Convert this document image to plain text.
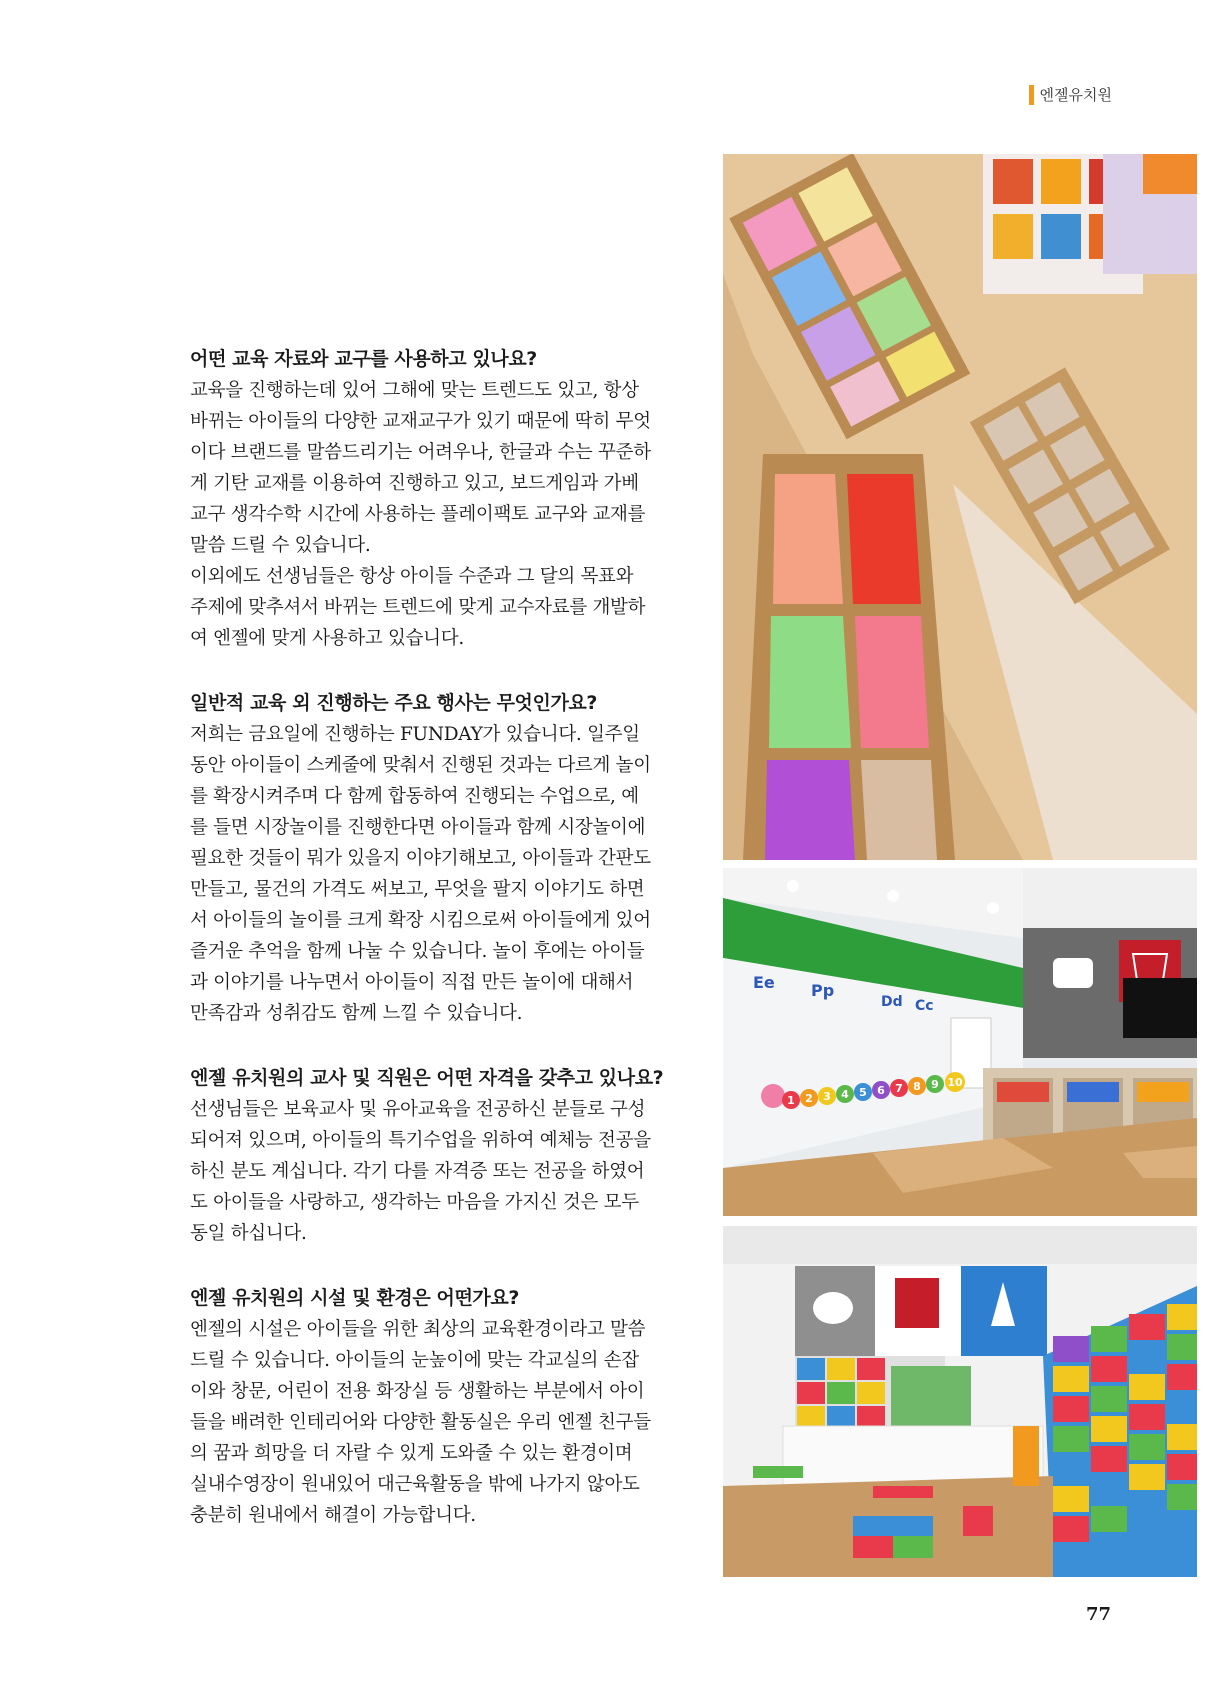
엔젤유치원
어떤 교육 자료와 교구를 사용하고 있나요?

교육을 진행하는데 있어 그해에 맞는 트렌드도 있고, 항상
바뀌는 아이들의 다양한 교재교구가 있기 때문에 딱히 무엇
이다 브랜드를 말씀드리기는 어려우나, 한글과 수는 꾸준하
게 기탄 교재를 이용하여 진행하고 있고, 보드게임과 가베
교구 생각수학 시간에 사용하는 플레이팩토 교구와 교재를
말씀 드릴 수 있습니다.
이외에도 선생님들은 항상 아이들 수준과 그 달의 목표와
주제에 맞추셔서 바뀌는 트렌드에 맞게 교수자료를 개발하
여 엔젤에 맞게 사용하고 있습니다.

일반적 교육 외 진행하는 주요 행사는 무엇인가요?

저희는 금요일에 진행하는 FUNDAY가 있습니다. 일주일
동안 아이들이 스케줄에 맞춰서 진행된 것과는 다르게 놀이
를 확장시켜주며 다 함께 합동하여 진행되는 수업으로, 예
를 들면 시장놀이를 진행한다면 아이들과 함께 시장놀이에
필요한 것들이 뭐가 있을지 이야기해보고, 아이들과 간판도
만들고, 물건의 가격도 써보고, 무엇을 팔지 이야기도 하면
서 아이들의 놀이를 크게 확장 시킴으로써 아이들에게 있어
즐거운 추억을 함께 나눌 수 있습니다. 놀이 후에는 아이들
과 이야기를 나누면서 아이들이 직접 만든 놀이에 대해서
만족감과 성취감도 함께 느낄 수 있습니다.

엔젤 유치원의 교사 및 직원은 어떤 자격을 갖추고 있나요?

선생님들은 보육교사 및 유아교육을 전공하신 분들로 구성
되어져 있으며, 아이들의 특기수업을 위하여 예체능 전공을
하신 분도 계십니다. 각기 다를 자격증 또는 전공을 하였어
도 아이들을 사랑하고, 생각하는 마음을 가지신 것은 모두
동일 하십니다.

엔젤 유치원의 시설 및 환경은 어떤가요?

엔젤의 시설은 아이들을 위한 최상의 교육환경이라고 말씀
드릴 수 있습니다. 아이들의 눈높이에 맞는 각교실의 손잡
이와 창문, 어린이 전용 화장실 등 생활하는 부분에서 아이
들을 배려한 인테리어와 다양한 활동실은 우리 엔젤 친구들
의 꿈과 희망을 더 자랄 수 있게 도와줄 수 있는 환경이며
실내수영장이 원내있어 대근육활동을 밖에 나가지 않아도
충분히 원내에서 해결이 가능합니다.

Ee Pp
Dd Cc
1 2 3 4 5 6 7 8 9 10
77
